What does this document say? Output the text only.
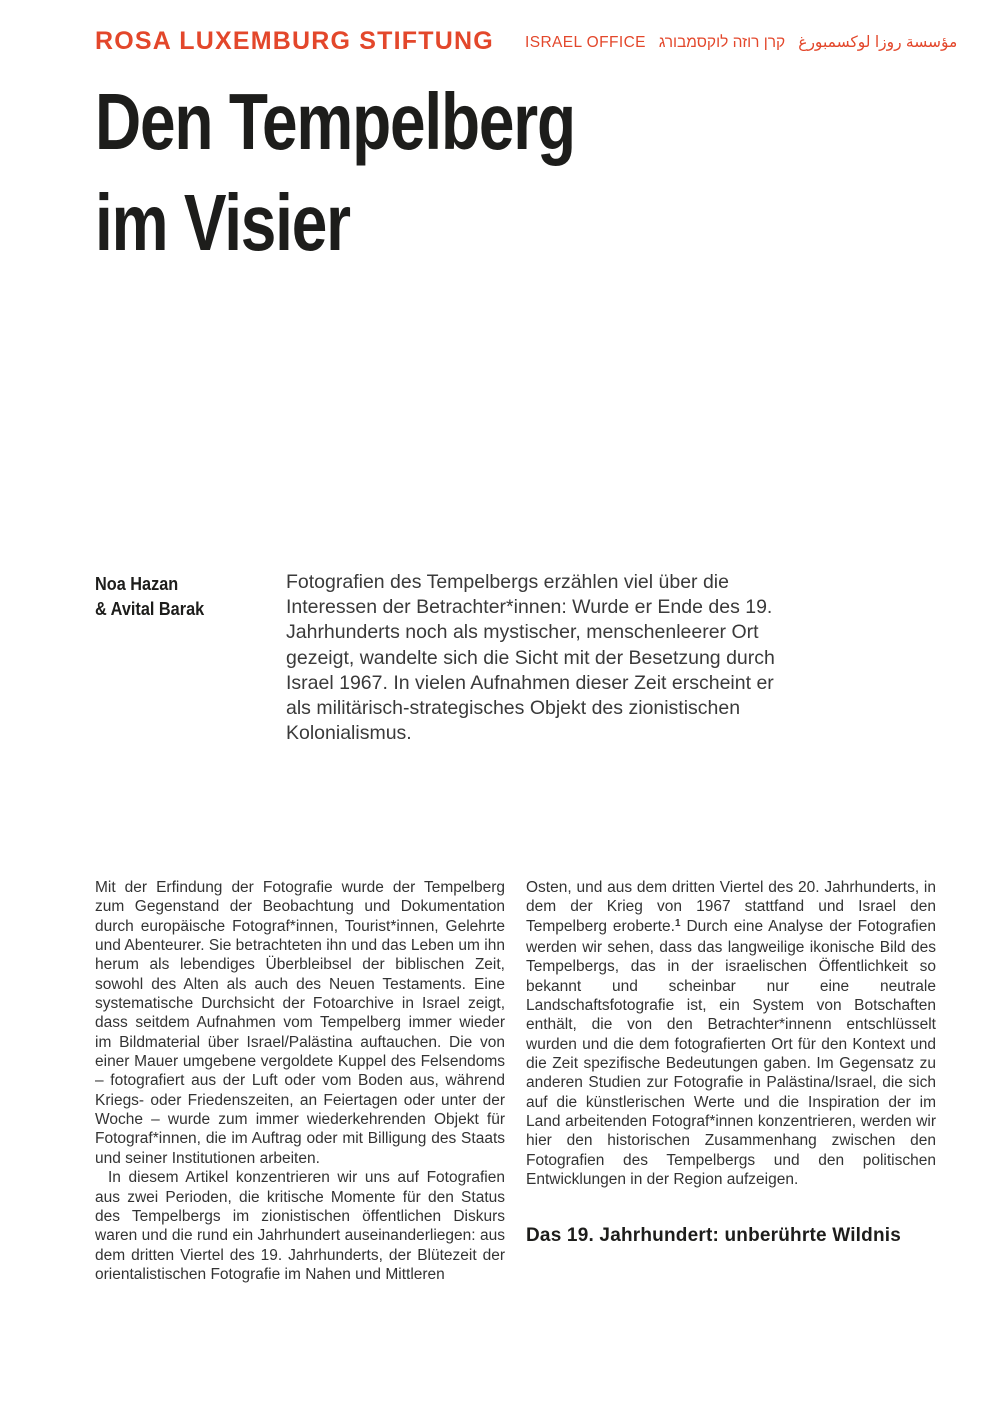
ROSA LUXEMBURG STIFTUNG ISRAEL OFFICE קרן רוזה לוקסמבורג مؤسسة روزا لوكسمبورغ
Den Tempelberg
im Visier
Noa Hazan
& Avital Barak

Fotografien des Tempelbergs erzählen viel über die Interessen der Betrachter*innen: Wurde er Ende des 19. Jahrhunderts noch als mystischer, menschenleerer Ort gezeigt, wandelte sich die Sicht mit der Besetzung durch Israel 1967. In vielen Aufnahmen dieser Zeit erscheint er als militärisch-strategisches Objekt des zionistischen Kolonialismus.

Mit der Erfindung der Fotografie wurde der Tempelberg zum Gegenstand der Beobachtung und Dokumentation durch europäische Fotograf*innen, Tourist*innen, Gelehrte und Abenteurer. Sie betrachteten ihn und das Leben um ihn herum als lebendiges Überbleibsel der biblischen Zeit, sowohl des Alten als auch des Neuen Testaments. Eine systematische Durchsicht der Fotoarchive in Israel zeigt, dass seitdem Aufnahmen vom Tempelberg immer wieder im Bildmaterial über Israel/Palästina auftauchen. Die von einer Mauer umgebene vergoldete Kuppel des Felsendoms – fotografiert aus der Luft oder vom Boden aus, während Kriegs- oder Friedenszeiten, an Feiertagen oder unter der Woche – wurde zum immer wiederkehrenden Objekt für Fotograf*innen, die im Auftrag oder mit Billigung des Staats und seiner Institutionen arbeiten.

In diesem Artikel konzentrieren wir uns auf Fotografien aus zwei Perioden, die kritische Momente für den Status des Tempelbergs im zionistischen öffentlichen Diskurs waren und die rund ein Jahrhundert auseinanderliegen: aus dem dritten Viertel des 19. Jahrhunderts, der Blütezeit der orientalistischen Fotografie im Nahen und Mittleren

Osten, und aus dem dritten Viertel des 20. Jahrhunderts, in dem der Krieg von 1967 stattfand und Israel den Tempelberg eroberte.$^1$ Durch eine Analyse der Fotografien werden wir sehen, dass das langweilige ikonische Bild des Tempelbergs, das in der israelischen Öffentlichkeit so bekannt und scheinbar nur eine neutrale Landschaftsfotografie ist, ein System von Botschaften enthält, die von den Betrachter*innenn entschlüsselt wurden und die dem fotografierten Ort für den Kontext und die Zeit spezifische Bedeutungen gaben. Im Gegensatz zu anderen Studien zur Fotografie in Palästina/Israel, die sich auf die künstlerischen Werte und die Inspiration der im Land arbeitenden Fotograf*innen konzentrieren, werden wir hier den historischen Zusammenhang zwischen den Fotografien des Tempelbergs und den politischen Entwicklungen in der Region aufzeigen.

Das 19. Jahrhundert: unberührte Wildnis
